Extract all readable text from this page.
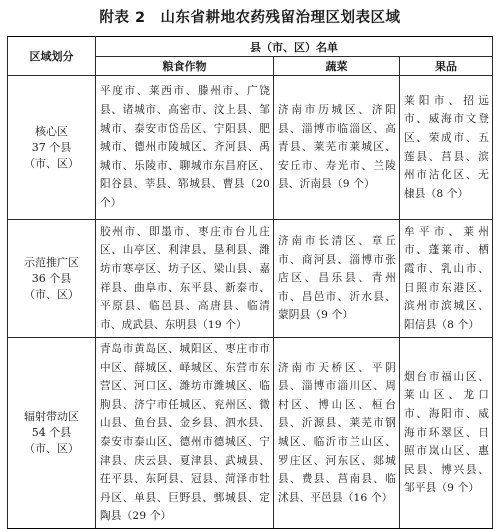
附表 2　山东省耕地农药残留治理区划表区域
区域划分	县（市、区）名单		
	粮食作物	蔬菜	果品

核心区
37 个县
（市、区）	平度市、莱西市、滕州市、广饶县、诸城市、高密市、汶上县、邹城市、泰安市岱岳区、宁阳县、肥城市、德州市陵城区、齐河县、禹城市、乐陵市、聊城市东昌府区、阳谷县、莘县、郓城县、曹县（20 个）	济南市历城区、济阳县、淄博市临淄区、高青县、莱芜市莱城区、安丘市、寿光市、兰陵县、沂南县（9 个）	莱阳市、招远市、威海市文登区、荣成市、五莲县、莒县、滨州市沾化区、无棣县（8 个）

示范推广区
36 个县
（市、区）	胶州市、即墨市、枣庄市台儿庄区、山亭区、利津县、垦利县、潍坊市寒亭区、坊子区、梁山县、嘉祥县、曲阜市、东平县、新泰市、平原县、临邑县、高唐县、临清市、成武县、东明县（19 个）	济南市长清区、章丘市、商河县、淄博市张店区、昌乐县、青州市、昌邑市、沂水县、蒙阴县（9 个）	牟平市、莱州市、蓬莱市、栖霞市、乳山市、日照市东港区、滨州市滨城区、阳信县（8 个）

辐射带动区
54 个县
（市、区）	青岛市黄岛区、城阳区、枣庄市市中区、薛城区、峄城区、东营市东营区、河口区、潍坊市潍城区、临朐县、济宁市任城区、兖州区、微山县、鱼台县、金乡县、泗水县、泰安市泰山区、德州市德城区、宁津县、庆云县、夏津县、武城县、茌平县、东阿县、冠县、菏泽市牡丹区、单县、巨野县、鄄城县、定陶县（29 个）	济南市天桥区、平阴县、淄博市淄川区、周村区、博山区、桓台县、沂源县、莱芜市钢城区、临沂市兰山区、罗庄区、河东区、郯城县、费县、莒南县、临沭县、平邑县（16 个）	烟台市福山区、莱山区、龙口市、海阳市、威海市环翠区、日照市岚山区、惠民县、博兴县、邹平县（9 个）
